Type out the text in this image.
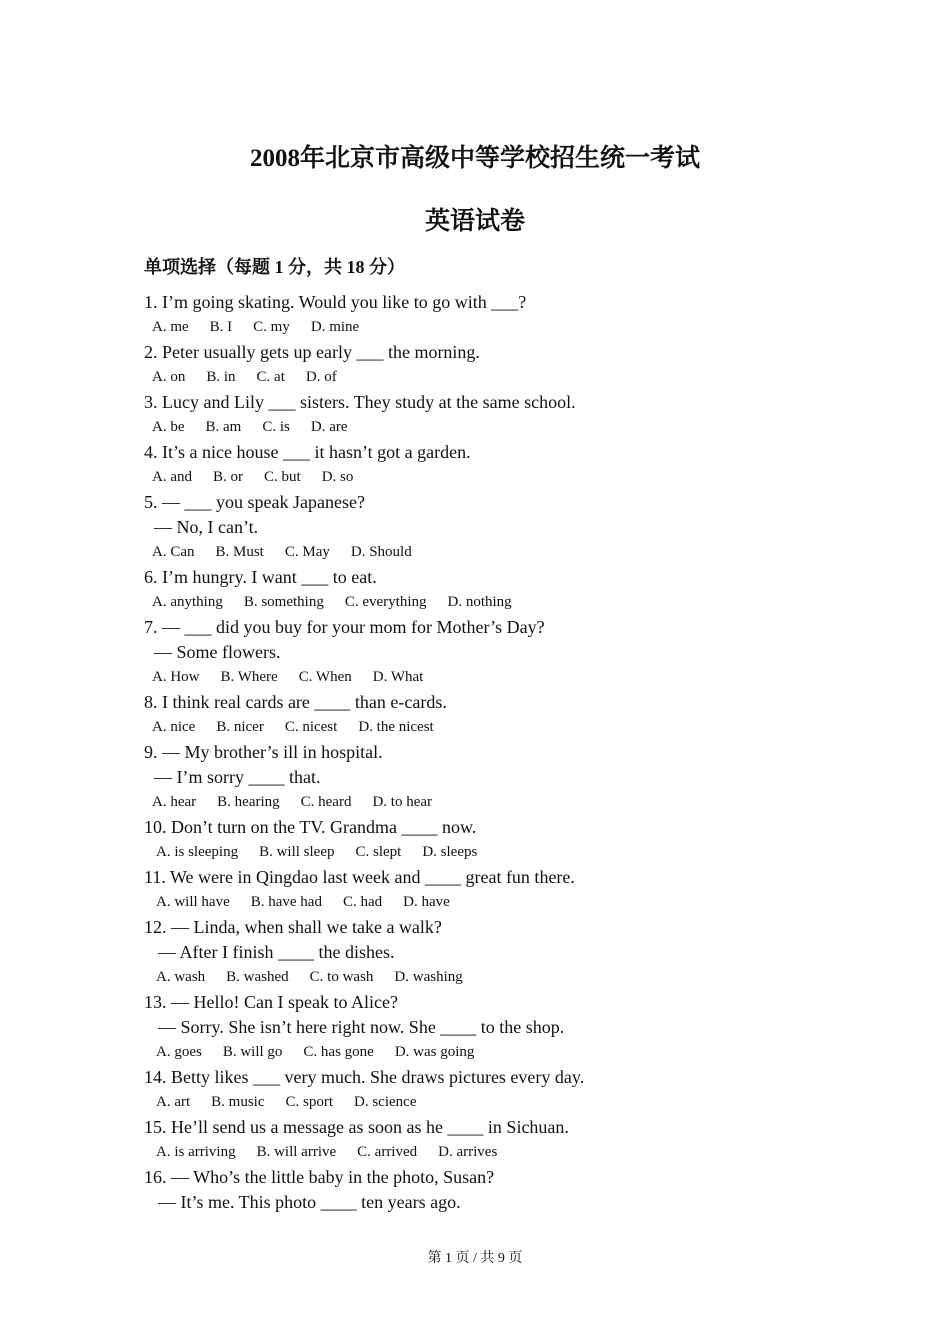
2008年北京市高级中等学校招生统一考试
英语试卷
单项选择（每题 1 分，共 18 分）
1. I’m going skating. Would you like to go with ___?
A. me B. I C. my D. mine
2. Peter usually gets up early ___ the morning.
A. on B. in C. at D. of
3. Lucy and Lily ___ sisters. They study at the same school.
A. be B. am C. is D. are
4. It’s a nice house ___ it hasn’t got a garden.
A. and B. or C. but D. so
5. — ___ you speak Japanese?
— No, I can’t.
A. Can B. Must C. May D. Should
6. I’m hungry. I want ___ to eat.
A. anything B. something C. everything D. nothing
7. — ___ did you buy for your mom for Mother’s Day?
— Some flowers.
A. How B. Where C. When D. What
8. I think real cards are ____ than e-cards.
A. nice B. nicer C. nicest D. the nicest
9. — My brother’s ill in hospital.
— I’m sorry ____ that.
A. hear B. hearing C. heard D. to hear
10. Don’t turn on the TV. Grandma ____ now.
A. is sleeping B. will sleep C. slept D. sleeps
11. We were in Qingdao last week and ____ great fun there.
A. will have B. have had C. had D. have
12. — Linda, when shall we take a walk?
— After I finish ____ the dishes.
A. wash B. washed C. to wash D. washing
13. — Hello! Can I speak to Alice?
— Sorry. She isn’t here right now. She ____ to the shop.
A. goes B. will go C. has gone D. was going
14. Betty likes ___ very much. She draws pictures every day.
A. art B. music C. sport D. science
15. He’ll send us a message as soon as he ____ in Sichuan.
A. is arriving B. will arrive C. arrived D. arrives
16. — Who’s the little baby in the photo, Susan?
— It’s me. This photo ____ ten years ago.
第 1 页 / 共 9 页
